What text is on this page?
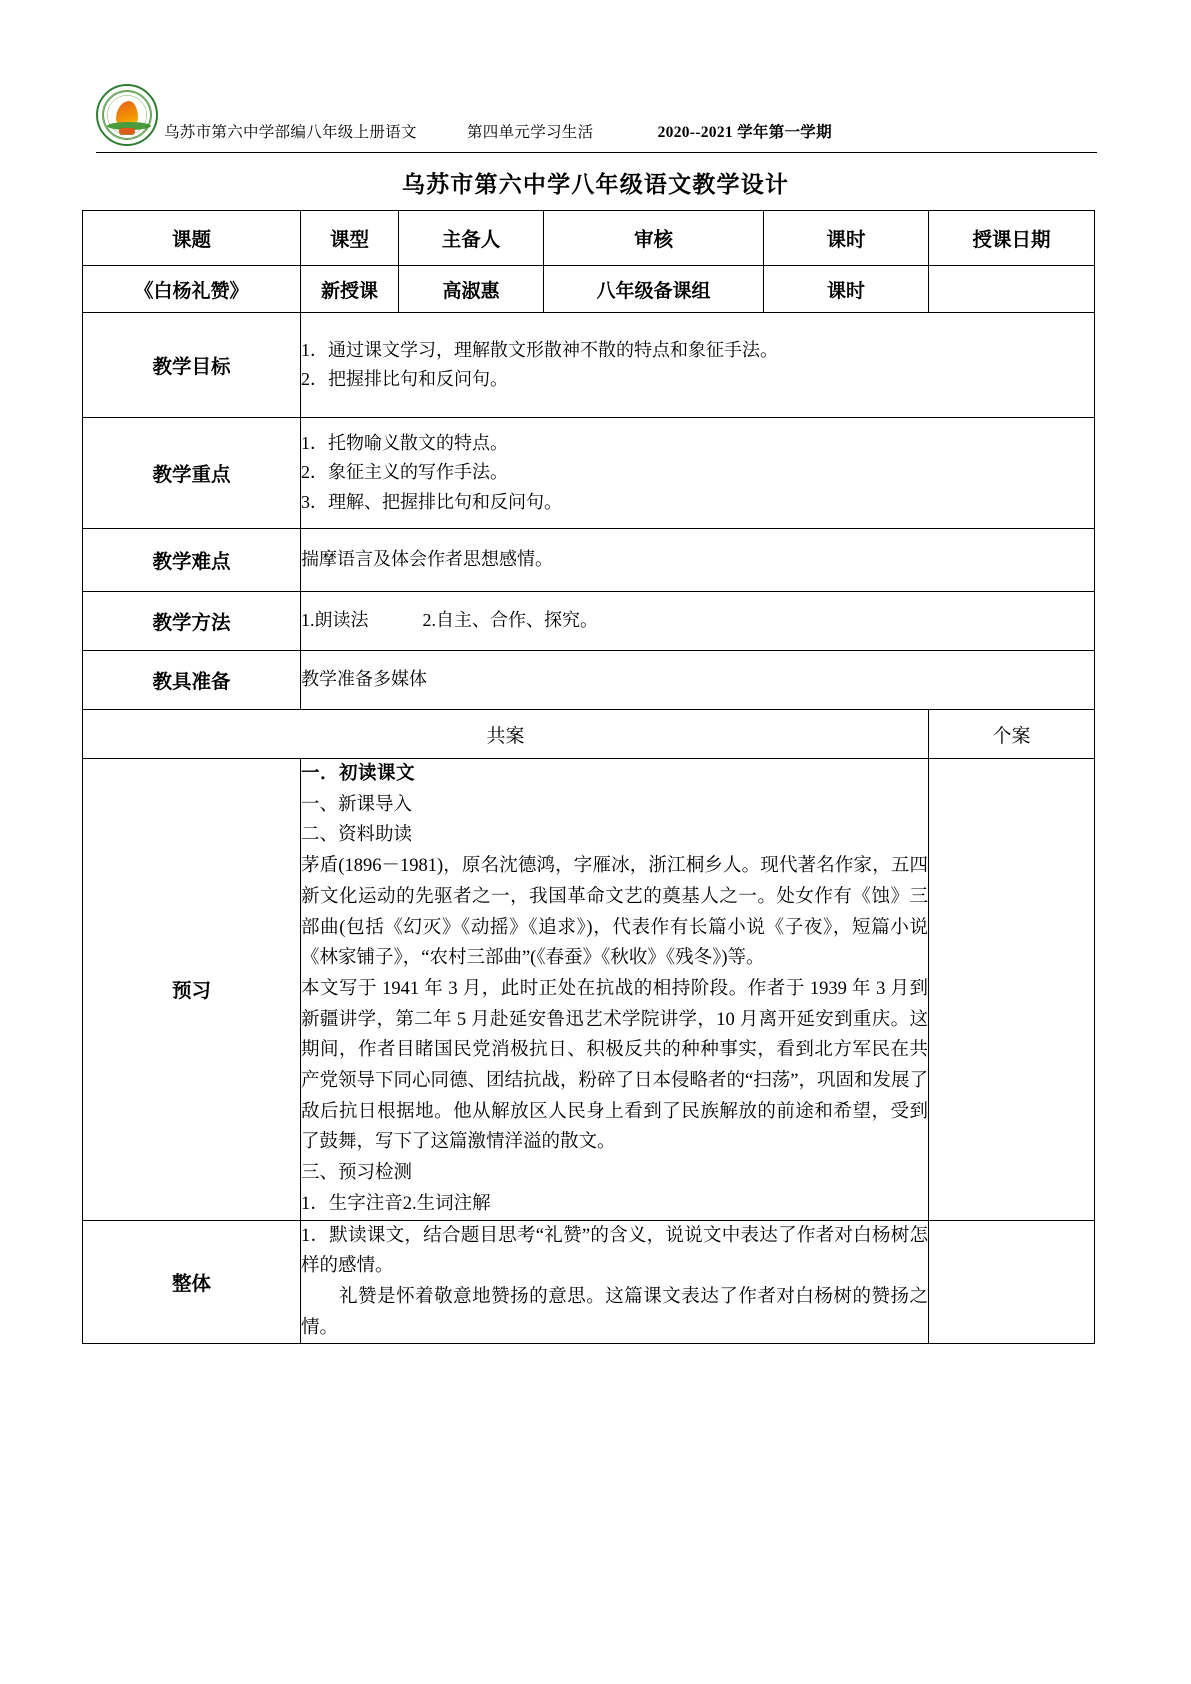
乌苏市第六中学部编八年级上册语文	第四单元学习生活	2020--2021 学年第一学期
乌苏市第六中学八年级语文教学设计
课题	课型	主备人	审核	课时	授课日期
《白杨礼赞》	新授课	高淑惠	八年级备课组	课时	
教学目标	1．通过课文学习，理解散文形散神不散的特点和象征手法。
2．把握排比句和反问句。				

教学重点	1．托物喻义散文的特点。
2．象征主义的写作手法。
3．理解、把握排比句和反问句。				

教学难点	揣摩语言及体会作者思想感情。				

教学方法	1.朗读法　　　2.自主、合作、探究。				

教具准备	教学准备多媒体				

共案					个案
预习	
一．初读课文
一、新课导入
二、资料助读
茅盾(1896－1981)，原名沈德鸿，字雁冰，浙江桐乡人。现代著名作家，五四新文化运动的先驱者之一，我国革命文艺的奠基人之一。处女作有《蚀》三部曲(包括《幻灭》《动摇》《追求》)，代表作有长篇小说《子夜》，短篇小说《林家铺子》，“农村三部曲”(《春蚕》《秋收》《残冬》)等。
本文写于 1941 年 3 月，此时正处在抗战的相持阶段。作者于 1939 年 3 月到新疆讲学，第二年 5 月赴延安鲁迅艺术学院讲学，10 月离开延安到重庆。这期间，作者目睹国民党消极抗日、积极反共的种种事实，看到北方军民在共产党领导下同心同德、团结抗战，粉碎了日本侵略者的“扫荡”，巩固和发展了敌后抗日根据地。他从解放区人民身上看到了民族解放的前途和希望，受到了鼓舞，写下了这篇激情洋溢的散文。
三、预习检测
1．生字注音2.生词注解

整体	1．默读课文，结合题目思考“礼赞”的含义，说说文中表达了作者对白杨树怎样的感情。
　　礼赞是怀着敬意地赞扬的意思。这篇课文表达了作者对白杨树的赞扬之情。				
